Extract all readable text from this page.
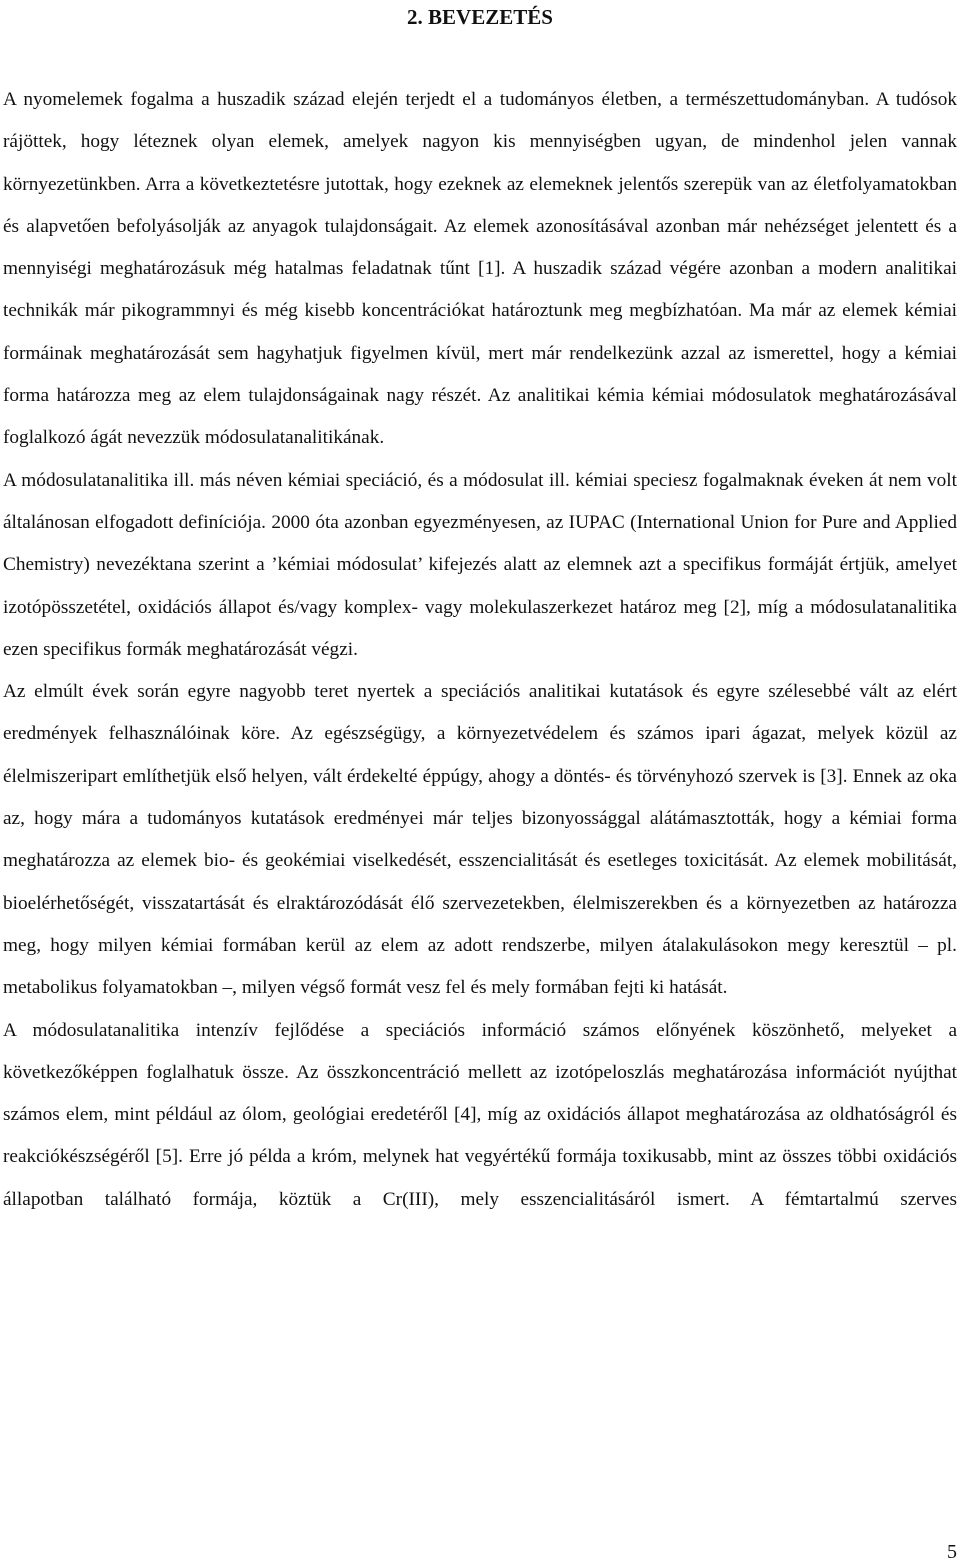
2. BEVEZETÉS

A nyomelemek fogalma a huszadik század elején terjedt el a tudományos életben, a természettudományban. A tudósok rájöttek, hogy léteznek olyan elemek, amelyek nagyon kis mennyiségben ugyan, de mindenhol jelen vannak környezetünkben. Arra a következtetésre jutottak, hogy ezeknek az elemeknek jelentős szerepük van az életfolyamatokban és alapvetően befolyásolják az anyagok tulajdonságait. Az elemek azonosításával azonban már nehézséget jelentett és a mennyiségi meghatározásuk még hatalmas feladatnak tűnt [1]. A huszadik század végére azonban a modern analitikai technikák már pikogrammnyi és még kisebb koncentrációkat határoztunk meg megbízhatóan. Ma már az elemek kémiai formáinak meghatározását sem hagyhatjuk figyelmen kívül, mert már rendelkezünk azzal az ismerettel, hogy a kémiai forma határozza meg az elem tulajdonságainak nagy részét. Az analitikai kémia kémiai módosulatok meghatározásával foglalkozó ágát nevezzük módosulatanalitikának.

A módosulatanalitika ill. más néven kémiai speciáció, és a módosulat ill. kémiai speciesz fogalmaknak éveken át nem volt általánosan elfogadott definíciója. 2000 óta azonban egyezményesen, az IUPAC (International Union for Pure and Applied Chemistry) nevezéktana szerint a ’kémiai módosulat’ kifejezés alatt az elemnek azt a specifikus formáját értjük, amelyet izotópösszetétel, oxidációs állapot és/vagy komplex- vagy molekulaszerkezet határoz meg [2], míg a módosulatanalitika ezen specifikus formák meghatározását végzi.

Az elmúlt évek során egyre nagyobb teret nyertek a speciációs analitikai kutatások és egyre szélesebbé vált az elért eredmények felhasználóinak köre. Az egészségügy, a környezetvédelem és számos ipari ágazat, melyek közül az élelmiszeripart említhetjük első helyen, vált érdekelté éppúgy, ahogy a döntés- és törvényhozó szervek is [3]. Ennek az oka az, hogy mára a tudományos kutatások eredményei már teljes bizonyossággal alátámasztották, hogy a kémiai forma meghatározza az elemek bio- és geokémiai viselkedését, esszencialitását és esetleges toxicitását. Az elemek mobilitását, bioelérhetőségét, visszatartását és elraktározódását élő szervezetekben, élelmiszerekben és a környezetben az határozza meg, hogy milyen kémiai formában kerül az elem az adott rendszerbe, milyen átalakulásokon megy keresztül – pl. metabolikus folyamatokban –, milyen végső formát vesz fel és mely formában fejti ki hatását.

A módosulatanalitika intenzív fejlődése a speciációs információ számos előnyének köszönhető, melyeket a következőképpen foglalhatuk össze. Az összkoncentráció mellett az izotópeloszlás meghatározása információt nyújthat számos elem, mint például az ólom, geológiai eredetéről [4], míg az oxidációs állapot meghatározása az oldhatóságról és reakciókészségéről [5]. Erre jó példa a króm, melynek hat vegyértékű formája toxikusabb, mint az összes többi oxidációs állapotban található formája, köztük a Cr(III), mely esszencialitásáról ismert. A fémtartalmú szerves

5
